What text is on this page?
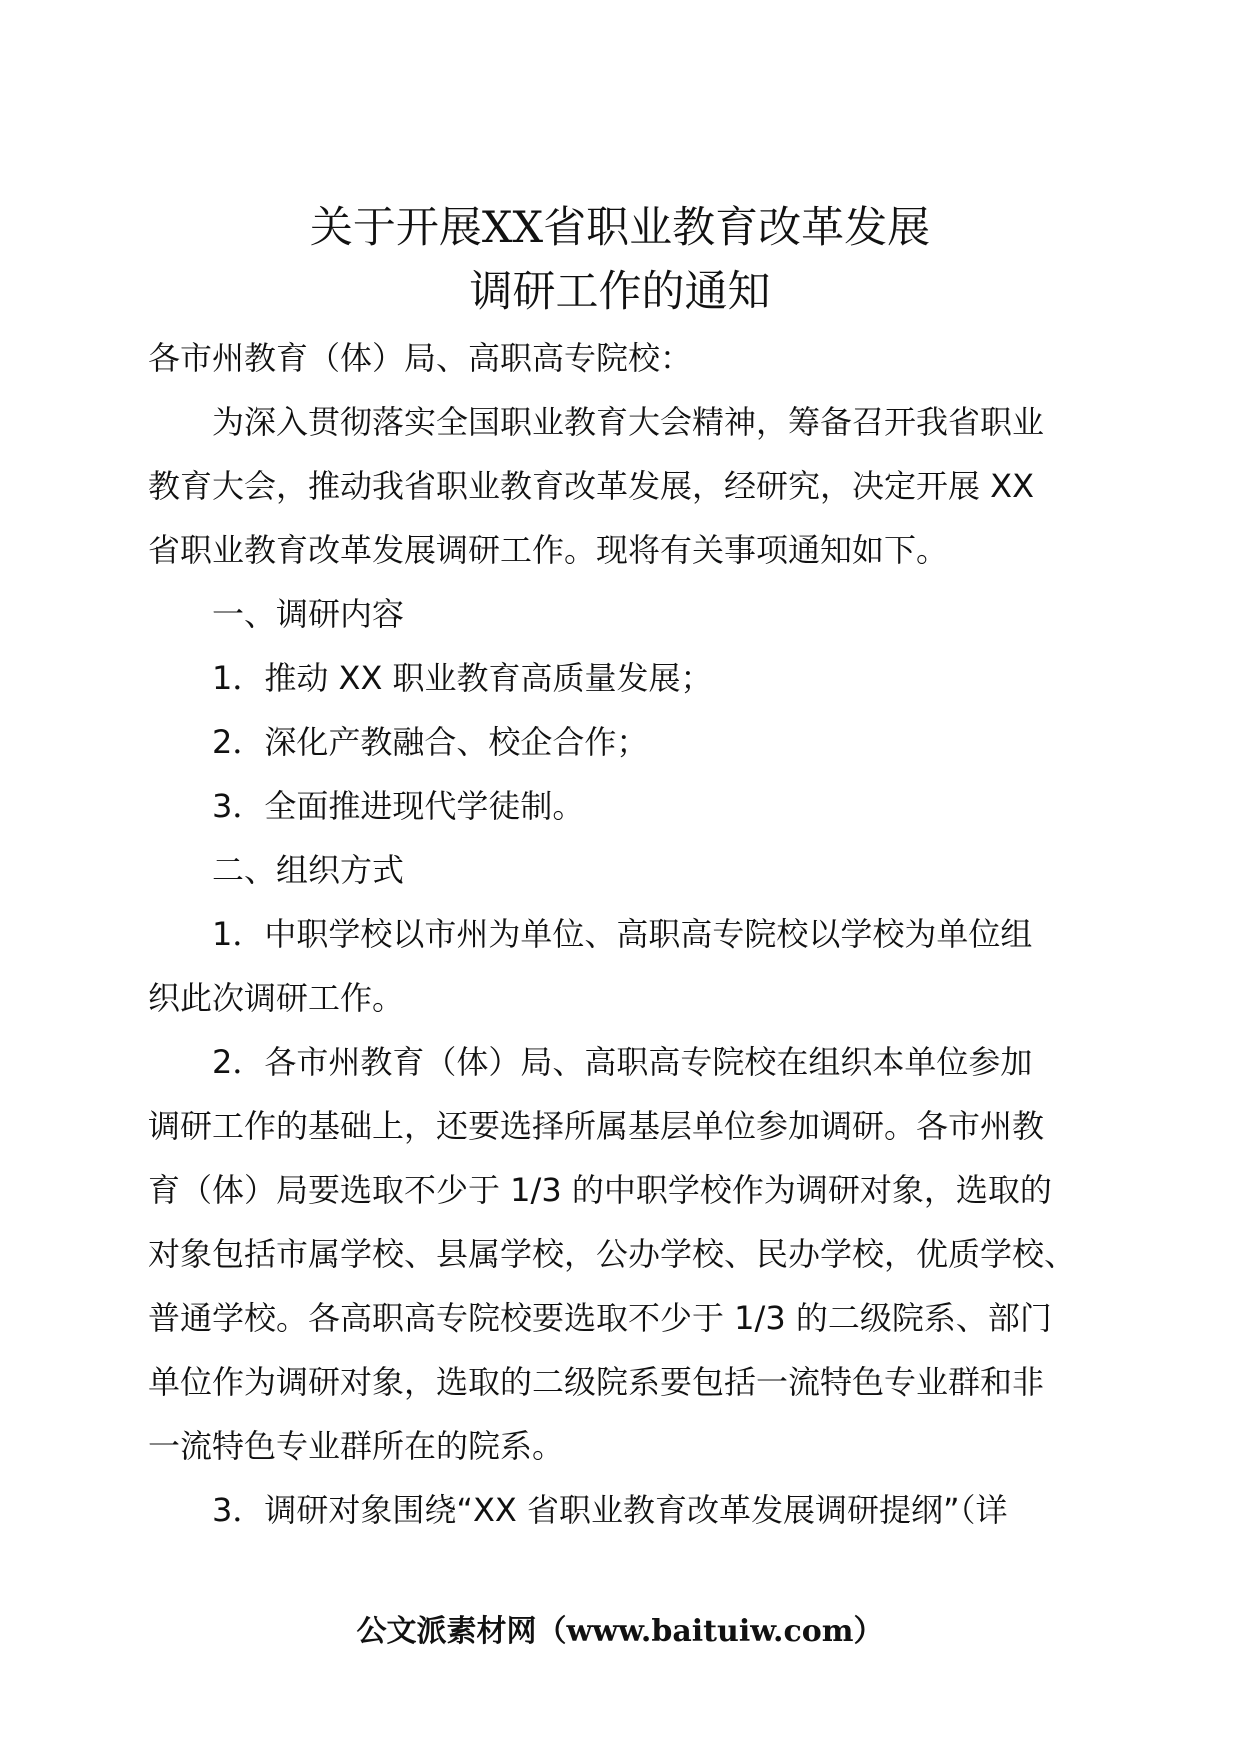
关于开展XX省职业教育改革发展
调研工作的通知
各市州教育（体）局、高职高专院校：
为深入贯彻落实全国职业教育大会精神，筹备召开我省职业
教育大会，推动我省职业教育改革发展，经研究，决定开展 XX
省职业教育改革发展调研工作。现将有关事项通知如下。
一、调研内容
1．推动 XX 职业教育高质量发展；
2．深化产教融合、校企合作；
3．全面推进现代学徒制。
二、组织方式
1．中职学校以市州为单位、高职高专院校以学校为单位组
织此次调研工作。
2．各市州教育（体）局、高职高专院校在组织本单位参加
调研工作的基础上，还要选择所属基层单位参加调研。各市州教
育（体）局要选取不少于 1/3 的中职学校作为调研对象，选取的
对象包括市属学校、县属学校，公办学校、民办学校，优质学校、
普通学校。各高职高专院校要选取不少于 1/3 的二级院系、部门
单位作为调研对象，选取的二级院系要包括一流特色专业群和非
一流特色专业群所在的院系。
3．调研对象围绕“XX 省职业教育改革发展调研提纲”（详
公文派素材网（www.baituiw.com）
